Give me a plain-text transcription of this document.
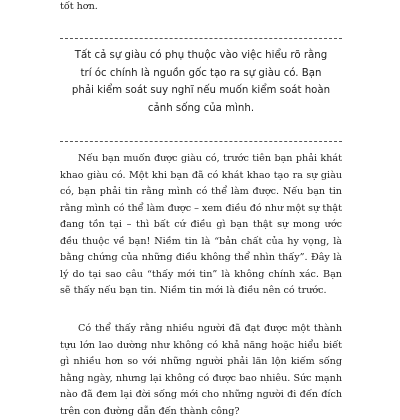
tốt hơn.

Tất cả sự giàu có phụ thuộc vào việc hiểu rõ rằng trí óc chính là nguồn gốc tạo ra sự giàu có. Bạn phải kiểm soát suy nghĩ nếu muốn kiểm soát hoàn cảnh sống của mình.

Nếu bạn muốn được giàu có, trước tiên bạn phải khát khao giàu có. Một khi bạn đã có khát khao tạo ra sự giàu có, bạn phải tin rằng mình có thể làm được. Nếu bạn tin rằng mình có thể làm được – xem điều đó như một sự thật đang tồn tại – thì bất cứ điều gì bạn thật sự mong ước đều thuộc về bạn! Niềm tin là “bản chất của hy vọng, là bằng chứng của những điều không thể nhìn thấy”. Đây là lý do tại sao câu “thấy mới tin” là không chính xác. Bạn sẽ thấy nếu bạn tin. Niềm tin mới là điều nên có trước.

Có thể thấy rằng nhiều người đã đạt được một thành tựu lớn lao dường như không có khả năng hoặc hiểu biết gì nhiều hơn so với những người phải lăn lộn kiếm sống hằng ngày, nhưng lại không có được bao nhiêu. Sức mạnh nào đã đem lại đời sống mới cho những người đi đến đích trên con đường dẫn đến thành công?
